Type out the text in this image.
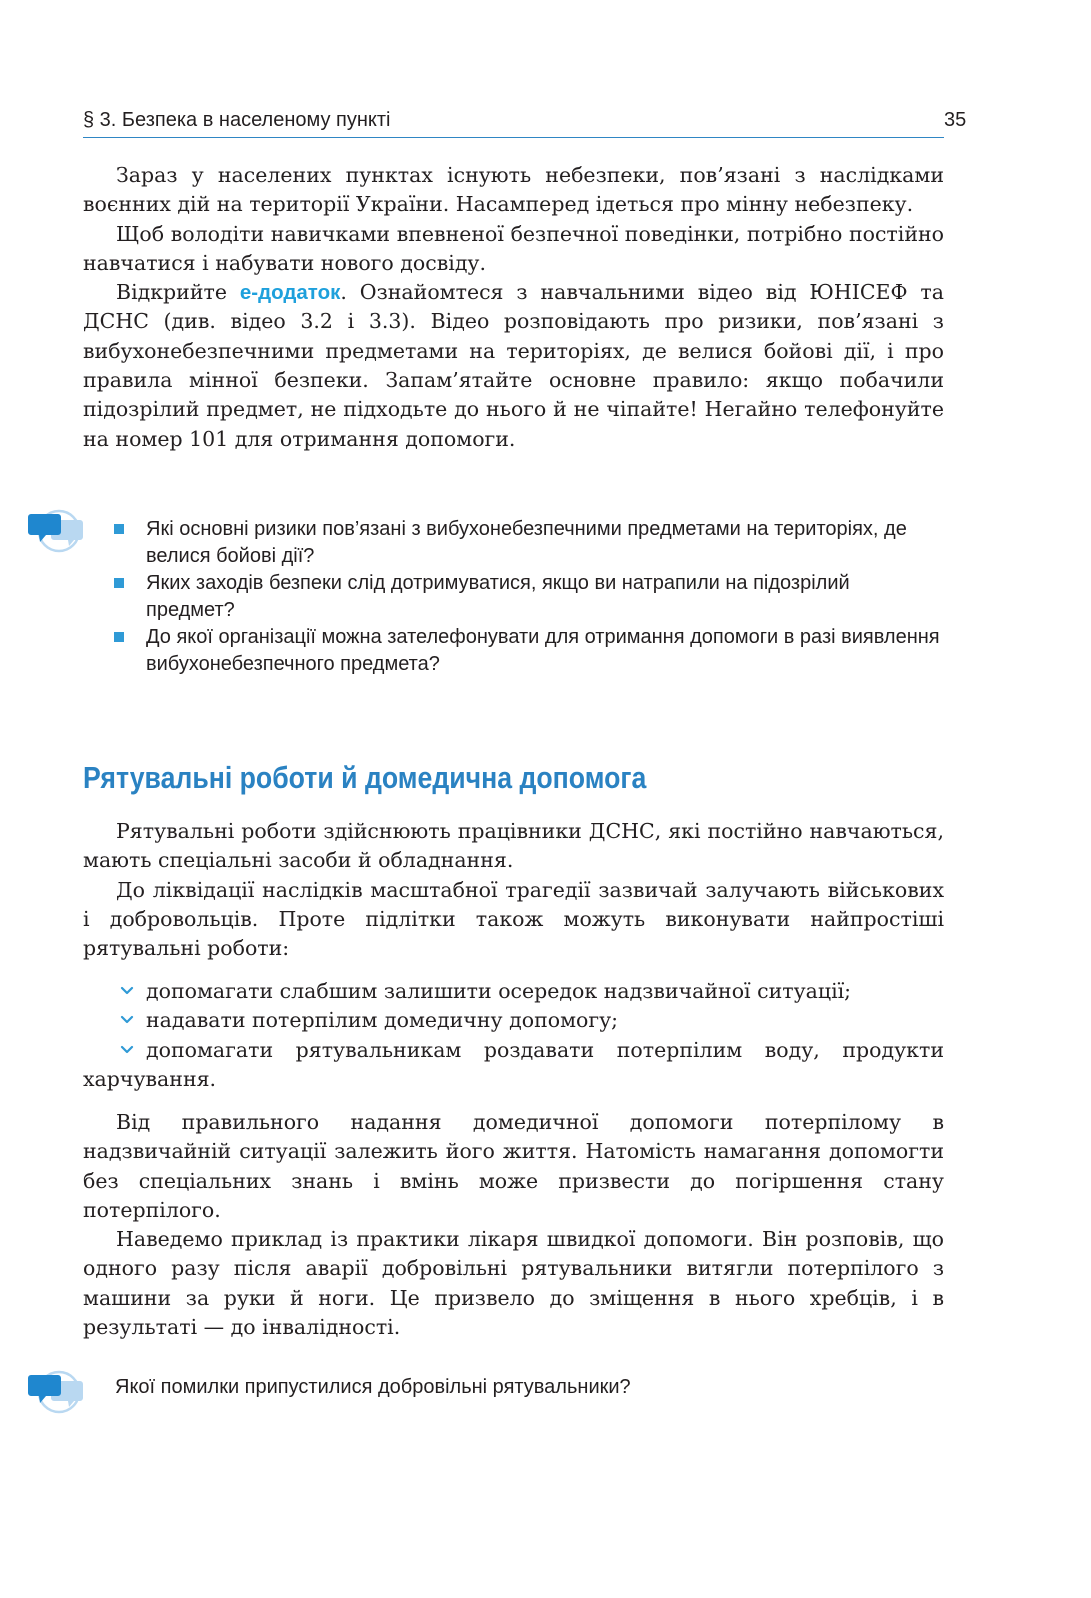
§ 3. Безпека в населеному пункті	35

Зараз у населених пунктах існують небезпеки, пов’язані з наслідками воєнних дій на території України. Насамперед ідеться про мінну небезпеку.

Щоб володіти навичками впевненої безпечної поведінки, потрібно постійно навчатися і набувати нового досвіду.

Відкрийте е-додаток. Ознайомтеся з навчальними відео від ЮНІСЕФ та ДСНС (див. відео 3.2 і 3.3). Відео розповідають про ризики, пов’язані з вибухонебезпечними предметами на територіях, де велися бойові дії, і про правила мінної безпеки. Запам’ятайте основне правило: якщо побачили підозрілий предмет, не підходьте до нього й не чіпайте! Негайно телефонуйте на номер 101 для отримання допомоги.

Які основні ризики пов’язані з вибухонебезпечними предметами на територіях, де велися бойові дії?
Яких заходів безпеки слід дотримуватися, якщо ви натрапили на підозрілий предмет?
До якої організації можна зателефонувати для отримання допомоги в разі виявлення вибухонебезпечного предмета?
Рятувальні роботи й домедична допомога

Рятувальні роботи здійснюють працівники ДСНС, які постійно навчаються, мають спеціальні засоби й обладнання.

До ліквідації наслідків масштабної трагедії зазвичай залучають військових і добровольців. Проте підлітки також можуть виконувати найпростіші рятувальні роботи:

допомагати слабшим залишити осередок надзвичайної ситуації;

надавати потерпілим домедичну допомогу;

допомагати рятувальникам роздавати потерпілим воду, продукти харчування.

Від правильного надання домедичної допомоги потерпілому в надзвичайній ситуації залежить його життя. Натомість намагання допомогти без спеціальних знань і вмінь може призвести до погіршення стану потерпілого.

Наведемо приклад із практики лікаря швидкої допомоги. Він розповів, що одного разу після аварії добровільні рятувальники витягли потерпілого з машини за руки й ноги. Це призвело до зміщення в нього хребців, і в результаті — до інвалідності.

Якої помилки припустилися добровільні рятувальники?
